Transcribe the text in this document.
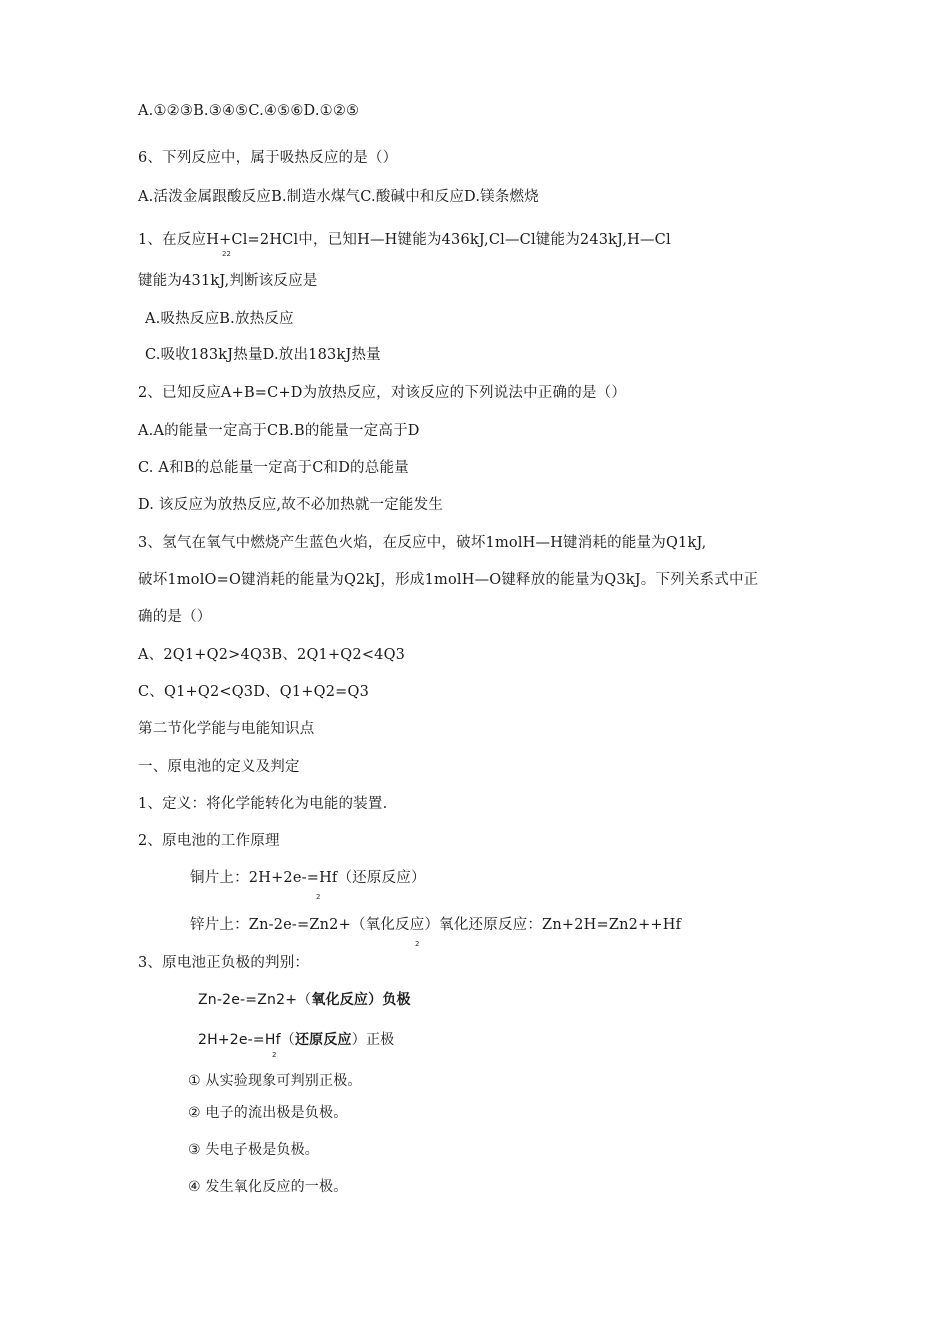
A.①②③B.③④⑤C.④⑤⑥D.①②⑤
6、下列反应中，属于吸热反应的是（）
A.活泼金属跟酸反应B.制造水煤气C.酸碱中和反应D.镁条燃烧
1、在反应H+Cl=2HCl中，已知H—H键能为436kJ,Cl—Cl键能为243kJ,H—Cl
22
键能为431kJ,判断该反应是
A.吸热反应B.放热反应
C.吸收183kJ热量D.放出183kJ热量
2、已知反应A+B=C+D为放热反应，对该反应的下列说法中正确的是（）
A.A的能量一定高于CB.B的能量一定高于D
C. A和B的总能量一定高于C和D的总能量
D. 该反应为放热反应,故不必加热就一定能发生
3、氢气在氧气中燃烧产生蓝色火焰，在反应中，破坏1molH—H键消耗的能量为Q1kJ,
破坏1molO=O键消耗的能量为Q2kJ，形成1molH—O键释放的能量为Q3kJ。下列关系式中正
确的是（）
A、2Q1+Q2>4Q3B、2Q1+Q2<4Q3
C、Q1+Q2<Q3D、Q1+Q2=Q3
第二节化学能与电能知识点
一、原电池的定义及判定
1、定义：将化学能转化为电能的装置.
2、原电池的工作原理
铜片上：2H+2e-=Hf（还原反应）
2
锌片上：Zn-2e-=Zn2+（氧化反应）氧化还原反应：Zn+2H=Zn2++Hf
2
3、原电池正负极的判别：
Zn-2e-=Zn2+（氧化反应）负极
2H+2e-=Hf（还原反应）正极
2
① 从实验现象可判别正极。
② 电子的流出极是负极。
③ 失电子极是负极。
④ 发生氧化反应的一极。
